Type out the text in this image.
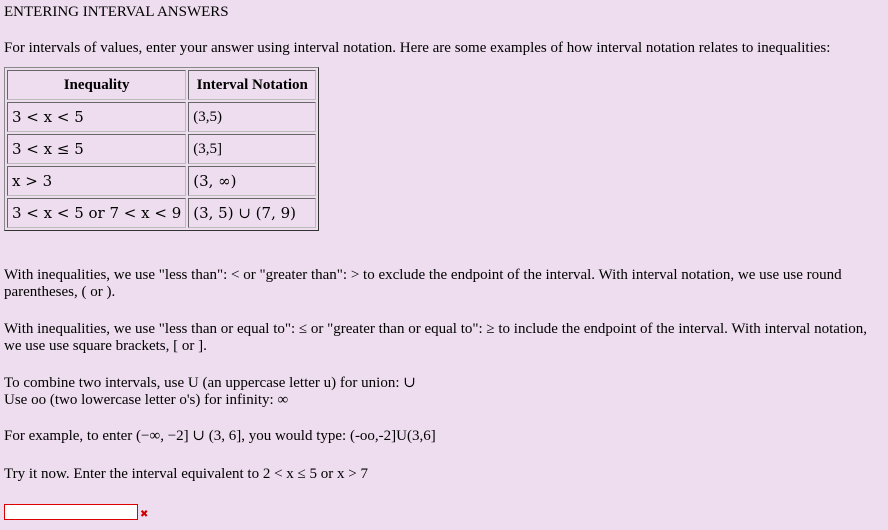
ENTERING INTERVAL ANSWERS
For intervals of values, enter your answer using interval notation. Here are some examples of how interval notation relates to inequalities:
Inequality	Interval Notation
3 < x < 5	(3,5)
3 < x ≤ 5	(3,5]
x > 3	(3, ∞)
3 < x < 5 or 7 < x < 9	(3, 5) ∪ (7, 9)
With inequalities, we use "less than": < or "greater than": > to exclude the endpoint of the interval. With interval notation, we use use round parentheses, ( or ).
With inequalities, we use "less than or equal to": ≤ or "greater than or equal to": ≥ to include the endpoint of the interval. With interval notation, we use use square brackets, [ or ].
To combine two intervals, use U (an uppercase letter u) for union: ∪
Use oo (two lowercase letter o's) for infinity: ∞
For example, to enter (−∞, −2] ∪ (3, 6], you would type: (-oo,-2]U(3,6]
Try it now. Enter the interval equivalent to 2 < x ≤ 5 or x > 7
✖
